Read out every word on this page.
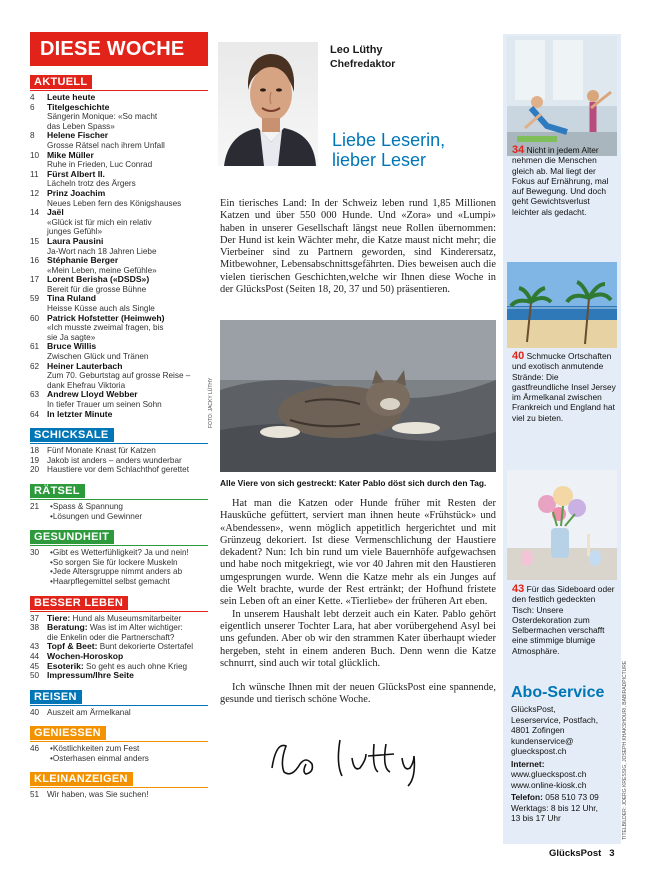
DIESE WOCHE
AKTUELL
4	Leute heute
6	Titelgeschichte
Sängerin Monique: «So macht
das Leben Spass»
8	Helene Fischer
Grosse Rätsel nach ihrem Unfall
10 Mike Müller
Ruhe in Frieden, Luc Conrad
11 Fürst Albert II.
Lächeln trotz des Ärgers
12 Prinz Joachim
Neues Leben fern des Königshauses
14 Jaël
«Glück ist für mich ein relativ
junges Gefühl»
15 Laura Pausini
Ja-Wort nach 18 Jahren Liebe
16 Stéphanie Berger
«Mein Leben, meine Gefühle»
17 Lorent Berisha («DSDS»)
Bereit für die grosse Bühne
59 Tina Ruland
Heisse Küsse auch als Single
60 Patrick Hofstetter (Heimweh)
«Ich musste zweimal fragen, bis
sie Ja sagte»
61 Bruce Willis
Zwischen Glück und Tränen
62 Heiner Lauterbach
Zum 70. Geburtstag auf grosse Reise –
dank Ehefrau Viktoria
63 Andrew Lloyd Webber
In tiefer Trauer um seinen Sohn
64 In letzter Minute
SCHICKSALE
18 Fünf Monate Knast für Katzen
19 Jakob ist anders – anders wunderbar
20 Haustiere vor dem Schlachthof gerettet
RÄTSEL
21	• Spass & Spannung
• Lösungen und Gewinner
GESUNDHEIT
30	• Gibt es Wetterfühligkeit? Ja und nein!
• So sorgen Sie für lockere Muskeln
• Jede Altersgruppe nimmt anders ab
• Haarpflegemittel selbst gemacht
BESSER LEBEN
37 Tiere: Hund als Museumsmitarbeiter
38 Beratung: Was ist im Alter wichtiger:
die Enkelin oder die Partnerschaft?
43 Topf & Beet: Bunt dekorierte Ostertafel
44 Wochen-Horoskop
45 Esoterik: So geht es auch ohne Krieg
50 Impressum/Ihre Seite
REISEN
40 Auszeit am Ärmelkanal
GENIESSEN
46	• Köstlichkeiten zum Fest
• Osterhasen einmal anders
KLEINANZEIGEN
51 Wir haben, was Sie suchen!
Leo Lüthy
Chefredaktor
Liebe Leserin,
lieber Leser

Ein tierisches Land: In der Schweiz leben rund 1,85 Millionen Katzen und über 550 000 Hunde. Und «Zora» und «Lumpi» haben in unserer Gesellschaft längst neue Rollen übernommen: Der Hund ist kein Wächter mehr, die Katze maust nicht mehr; die Vierbeiner sind zu Partnern geworden, sind Kinderersatz, Mitbewohner, Lebensabschnittsgefährten. Dies beweisen auch die vielen tierischen Geschichten,welche wir Ihnen diese Woche in der GlücksPost (Seiten 18, 20, 37 und 50) präsentieren.

FOTO: JACKY LÜTHY
Alle Viere von sich gestreckt: Kater Pablo döst sich durch den Tag.

Hat man die Katzen oder Hunde früher mit Resten der Hausküche gefüttert, serviert man ihnen heute «Frühstück» und «Abendessen», wenn möglich appetitlich hergerichtet und mit Grünzeug dekoriert. Ist diese Vermenschlichung der Haustiere dekadent? Nun: Ich bin rund um viele Bauernhöfe aufgewachsen und habe noch mitgekriegt, wie vor 40 Jahren mit den Haustieren umgesprungen wurde. Wenn die Katze mehr als ein Junges auf die Welt brachte, wurde der Rest ertränkt; der Hofhund fristete sein Leben oft an einer Kette. «Tierliebe» der früheren Art eben.

In unserem Haushalt lebt derzeit auch ein Kater. Pablo gehört eigentlich unserer Tochter Lara, hat aber vorübergehend Asyl bei uns gefunden. Aber ob wir den strammen Kater überhaupt wieder hergeben, steht in einem anderen Buch. Denn wenn die Katze schnurrt, sind auch wir total glücklich.

Ich wünsche Ihnen mit der neuen GlücksPost eine spannende, gesunde und tierisch schöne Woche.

34 Nicht in jedem Alter nehmen die Menschen gleich ab. Mal liegt der Fokus auf Ernährung, mal auf Bewegung. Und doch geht Gewichtsverlust leichter als gedacht.
40 Schmucke Ortschaften und exotisch anmutende Strände: Die gastfreundliche Insel Jersey im Ärmelkanal zwischen Frankreich und England hat viel zu bieten.
43 Für das Sideboard oder den festlich gedeckten Tisch: Unsere Osterdekoration zum Selbermachen verschafft eine stimmige blumige Atmosphäre.
Abo-Service
GlücksPost,
Leserservice, Postfach,
4801 Zofingen
kundenservice@
glueckspost.ch
Internet:
www.glueckspost.ch
www.online-kiosk.ch
Telefon: 058 510 73 09
Werktags: 8 bis 12 Uhr,
13 bis 17 Uhr	TITELBILDER: JOERG KRESSIG, JOSEPH KHAKSHOURI, BABIRADPICTURE
GlücksPost 3
